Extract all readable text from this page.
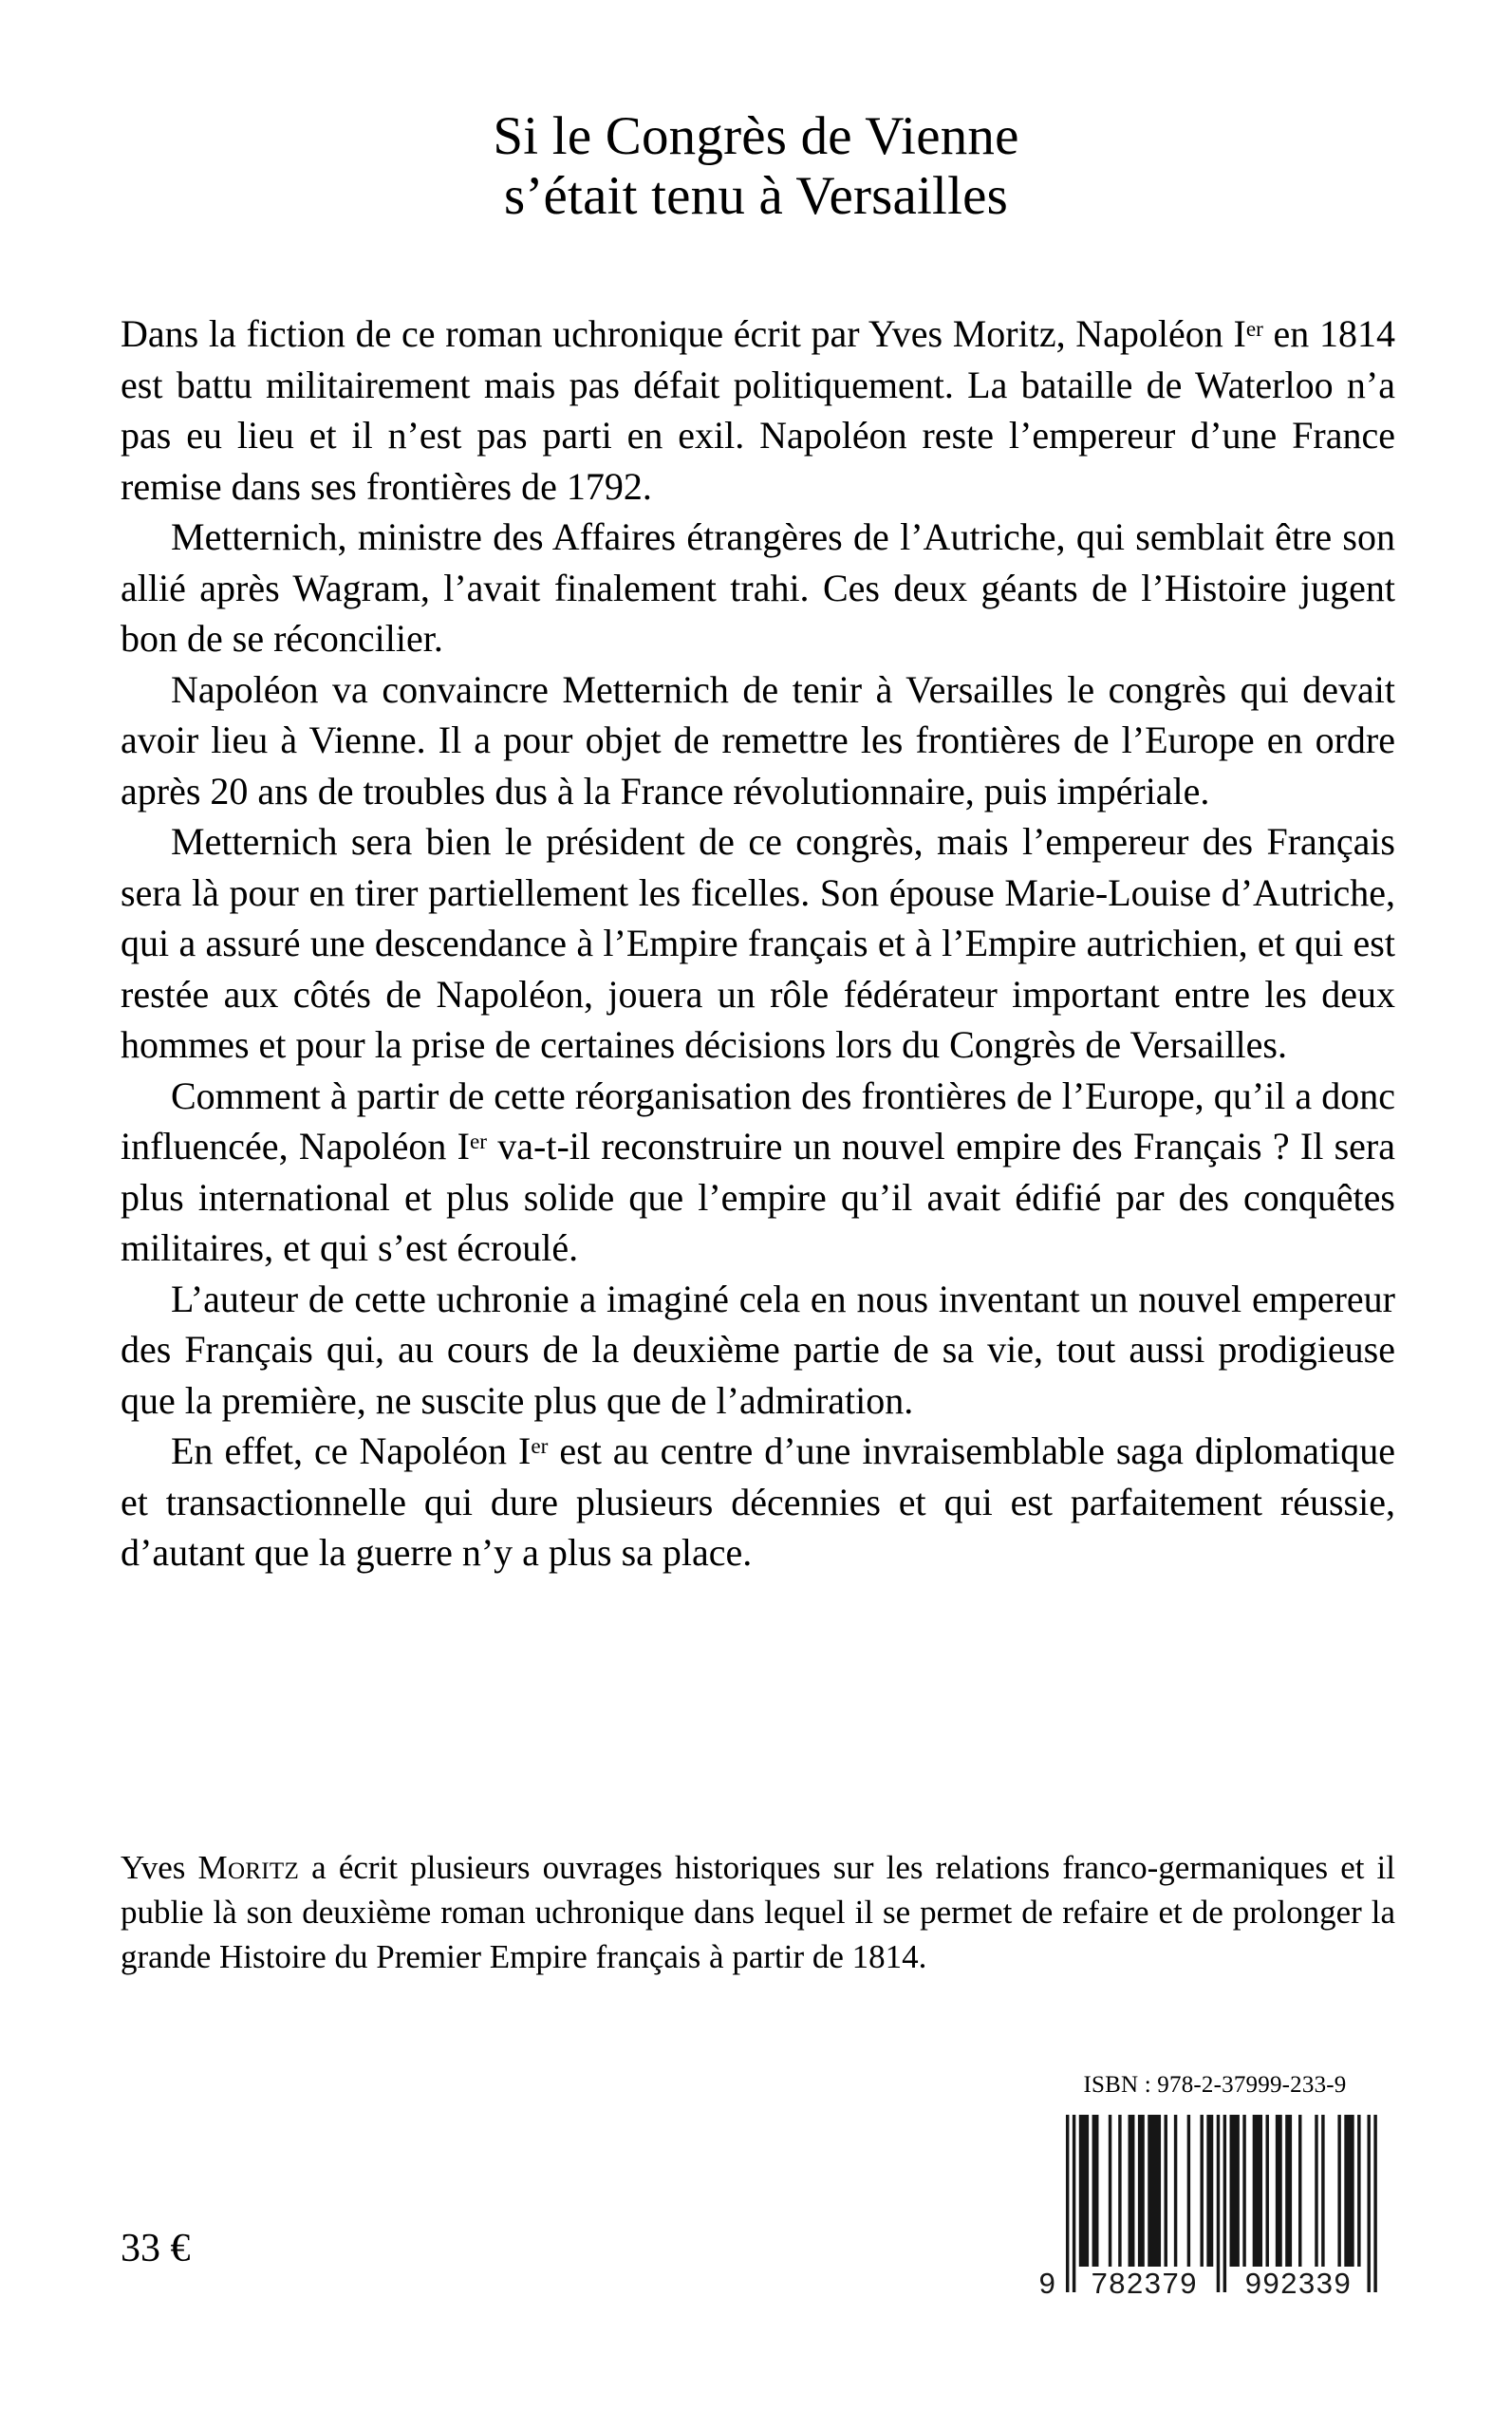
Si le Congrès de Vienne
s’était tenu à Versailles

Dans la fiction de ce roman uchronique écrit par Yves Moritz, Napoléon Ier en 1814 est battu militairement mais pas défait politiquement. La bataille de Waterloo n’a pas eu lieu et il n’est pas parti en exil. Napoléon reste l’empereur d’une France remise dans ses frontières de 1792.

Metternich, ministre des Affaires étrangères de l’Autriche, qui semblait être son allié après Wagram, l’avait finalement trahi. Ces deux géants de l’Histoire jugent bon de se réconcilier.

Napoléon va convaincre Metternich de tenir à Versailles le congrès qui devait avoir lieu à Vienne. Il a pour objet de remettre les frontières de l’Europe en ordre après 20 ans de troubles dus à la France révolutionnaire, puis impériale.

Metternich sera bien le président de ce congrès, mais l’empereur des Français sera là pour en tirer partiellement les ficelles. Son épouse Marie-Louise d’Autriche, qui a assuré une descendance à l’Empire français et à l’Empire autrichien, et qui est restée aux côtés de Napoléon, jouera un rôle fédérateur important entre les deux hommes et pour la prise de certaines décisions lors du Congrès de Versailles.

Comment à partir de cette réorganisation des frontières de l’Europe, qu’il a donc influencée, Napoléon Ier va-t-il reconstruire un nouvel empire des Français ? Il sera plus international et plus solide que l’empire qu’il avait édifié par des conquêtes militaires, et qui s’est écroulé.

L’auteur de cette uchronie a imaginé cela en nous inventant un nouvel empereur des Français qui, au cours de la deuxième partie de sa vie, tout aussi prodigieuse que la première, ne suscite plus que de l’admiration.

En effet, ce Napoléon Ier est au centre d’une invraisemblable saga diplomatique et transactionnelle qui dure plusieurs décennies et qui est parfaitement réussie, d’autant que la guerre n’y a plus sa place.

Yves Moritz a écrit plusieurs ouvrages historiques sur les relations franco-germaniques et il publie là son deuxième roman uchronique dans lequel il se permet de refaire et de prolonger la grande Histoire du Premier Empire français à partir de 1814.

33 €
ISBN : 978-2-37999-233-9
9 782379 992339
